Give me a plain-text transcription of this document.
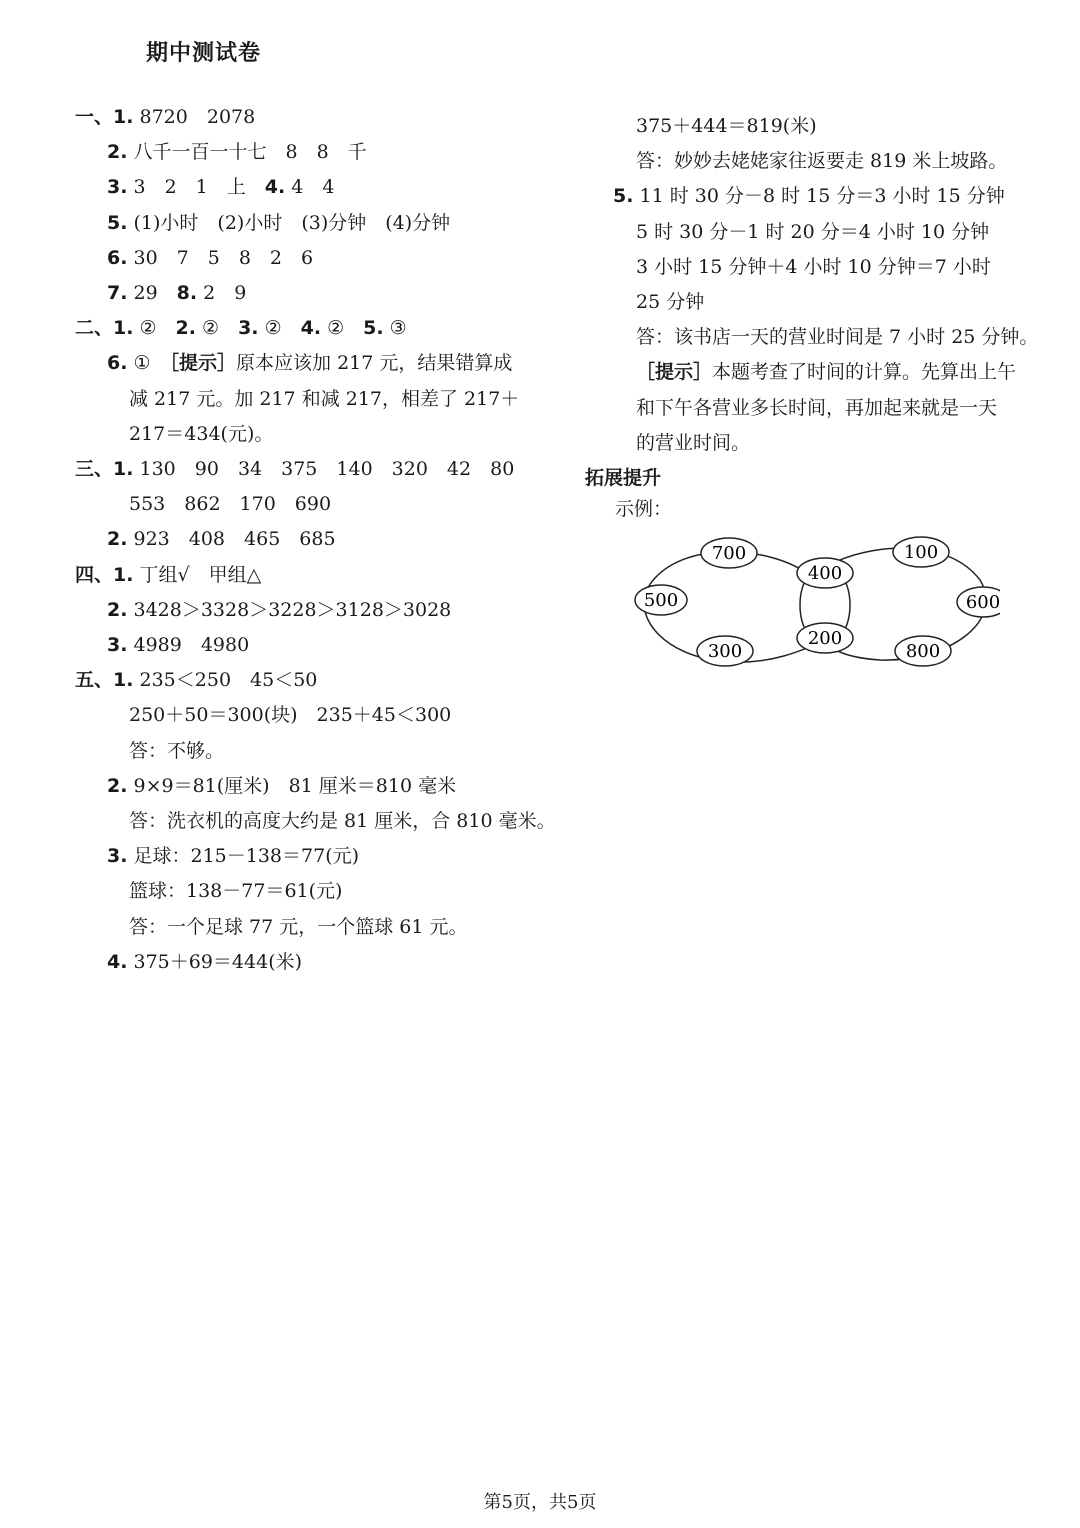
期中测试卷
一、1. 8720　2078
2. 八千一百一十七　8　8　千
3. 3　2　1　上　4. 4　4
5. (1)小时　(2)小时　(3)分钟　(4)分钟
6. 30　7　5　8　2　6
7. 29　8. 2　9
二、1. ②　2. ②　3. ②　4. ②　5. ③
6. ①　［提示］原本应该加 217 元，结果错算成
减 217 元。加 217 和减 217，相差了 217＋
217＝434(元)。
三、1. 130　90　34　375　140　320　42　80
553　862　170　690
2. 923　408　465　685
四、1. 丁组√　甲组△
2. 3428＞3328＞3228＞3128＞3028
3. 4989　4980
五、1. 235＜250　45＜50
250＋50＝300(块)　235＋45＜300
答：不够。
2. 9×9＝81(厘米)　81 厘米＝810 毫米
答：洗衣机的高度大约是 81 厘米，合 810 毫米。
3. 足球：215－138＝77(元)
篮球：138－77＝61(元)
答：一个足球 77 元，一个篮球 61 元。
4. 375＋69＝444(米)
375＋444＝819(米)
答：妙妙去姥姥家往返要走 819 米上坡路。
5. 11 时 30 分－8 时 15 分＝3 小时 15 分钟
5 时 30 分－1 时 20 分＝4 小时 10 分钟
3 小时 15 分钟＋4 小时 10 分钟＝7 小时
25 分钟
答：该书店一天的营业时间是 7 小时 25 分钟。
［提示］本题考查了时间的计算。先算出上午
和下午各营业多长时间，再加起来就是一天
的营业时间。
拓展提升
示例：
700
500
300
400
200
100
600
800
第5页，共5页
